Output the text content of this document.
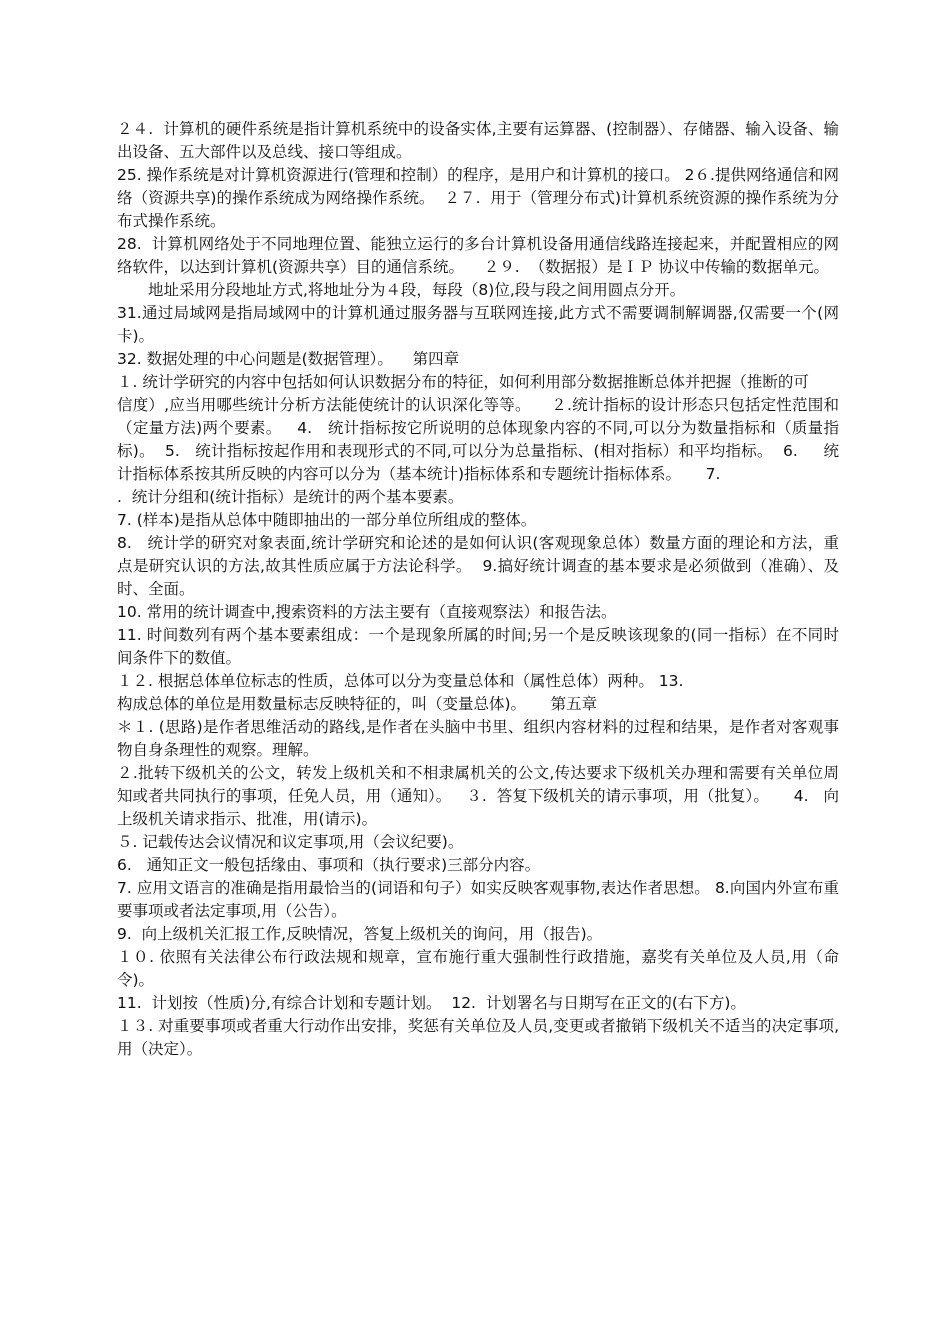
２４.  计算机的硬件系统是指计算机系统中的设备实体,主要有运算器、(控制器）、存储器、输入设备、输出设备、五大部件以及总线、接口等组成。

25. 操作系统是对计算机资源进行(管理和控制）的程序，是用户和计算机的接口。 2６.提供网络通信和网络（资源共享)的操作系统成为网络操作系统。  ２７.  用于（管理分布式)计算机系统资源的操作系统为分布式操作系统。

28.  计算机网络处于不同地理位置、能独立运行的多台计算机设备用通信线路连接起来，并配置相应的网络软件，以达到计算机(资源共享）目的通信系统。    ２９.  （数据报）是ＩＰ 协议中传输的数据单元。

地址采用分段地址方式,将地址分为４段，每段（8)位,段与段之间用圆点分开。

31.通过局域网是指局域网中的计算机通过服务器与互联网连接,此方式不需要调制解调器,仅需要一个(网卡)。

32. 数据处理的中心问题是(数据管理）。    第四章

１. 统计学研究的内容中包括如何认识数据分布的特征，如何利用部分数据推断总体并把握（推断的可

信度）,应当用哪些统计分析方法能使统计的认识深化等等。    ２.统计指标的设计形态只包括定性范围和（定量方法)两个要素。   4.   统计指标按它所说明的总体现象内容的不同,可以分为数量指标和（质量指标)。  5.   统计指标按起作用和表现形式的不同,可以分为总量指标、(相对指标）和平均指标。  6.     统计指标体系按其所反映的内容可以分为（基本统计)指标体系和专题统计指标体系。     7.

.  统计分组和(统计指标）是统计的两个基本要素。

7. (样本)是指从总体中随即抽出的一部分单位所组成的整体。

8.   统计学的研究对象表面,统计学研究和论述的是如何认识(客观现象总体）数量方面的理论和方法，重点是研究认识的方法,故其性质应属于方法论科学。  9.搞好统计调查的基本要求是必须做到（准确）、及时、全面。

10. 常用的统计调查中,搜索资料的方法主要有（直接观察法）和报告法。

11. 时间数列有两个基本要素组成：一个是现象所属的时间;另一个是反映该现象的(同一指标）在不同时间条件下的数值。

１２. 根据总体单位标志的性质，总体可以分为变量总体和（属性总体）两种。 13.

构成总体的单位是用数量标志反映特征的，叫（变量总体)。     第五章

＊１. (思路)是作者思维活动的路线,是作者在头脑中书里、组织内容材料的过程和结果，是作者对客观事物自身条理性的观察。理解。

２.批转下级机关的公文，转发上级机关和不相隶属机关的公文,传达要求下级机关办理和需要有关单位周知或者共同执行的事项，任免人员，用（通知）。   ３.  答复下级机关的请示事项，用（批复）。     4.   向上级机关请求指示、批准，用(请示)。

５. 记载传达会议情况和议定事项,用（会议纪要)。

6.   通知正文一般包括缘由、事项和（执行要求)三部分内容。

7. 应用文语言的准确是指用最恰当的(词语和句子）如实反映客观事物,表达作者思想。 8.向国内外宣布重要事项或者法定事项,用（公告）。

9.  向上级机关汇报工作,反映情况，答复上级机关的询问，用（报告)。

１０. 依照有关法律公布行政法规和规章，宣布施行重大强制性行政措施，嘉奖有关单位及人员,用（命令)。

11.  计划按（性质)分,有综合计划和专题计划。  12.  计划署名与日期写在正文的(右下方)。

１３. 对重要事项或者重大行动作出安排，奖惩有关单位及人员,变更或者撤销下级机关不适当的决定事项,用（决定）。
